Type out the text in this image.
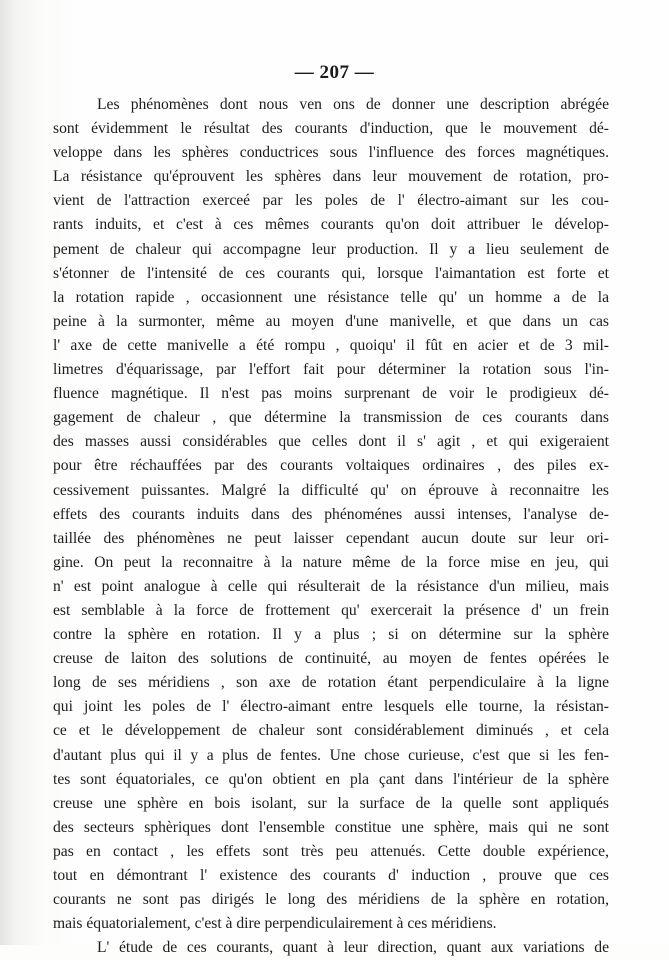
— 207 —
Les phénomènes dont nous ven ons de donner une description abrégée
sont évidemment le résultat des courants d'induction, que le mouvement dé-
veloppe dans les sphères conductrices sous l'influence des forces magnétiques.
La résistance qu'éprouvent les sphères dans leur mouvement de rotation, pro-
vient de l'attraction exerceé par les poles de l' électro-aimant sur les cou-
rants induits, et c'est à ces mêmes courants qu'on doit attribuer le dévelop-
pement de chaleur qui accompagne leur production. Il y a lieu seulement de
s'étonner de l'intensité de ces courants qui, lorsque l'aimantation est forte et
la rotation rapide , occasionnent une résistance telle qu' un homme a de la
peine à la surmonter, même au moyen d'une manivelle, et que dans un cas
l' axe de cette manivelle a été rompu , quoiqu' il fût en acier et de 3 mil-
limetres d'équarissage, par l'effort fait pour déterminer la rotation sous l'in-
fluence magnétique. Il n'est pas moins surprenant de voir le prodigieux dé-
gagement de chaleur , que détermine la transmission de ces courants dans
des masses aussi considérables que celles dont il s' agit , et qui exigeraient
pour être réchauffées par des courants voltaiques ordinaires , des piles ex-
cessivement puissantes. Malgré la difficulté qu' on éprouve à reconnaitre les
effets des courants induits dans des phénoménes aussi intenses, l'analyse de-
taillée des phénomènes ne peut laisser cependant aucun doute sur leur ori-
gine. On peut la reconnaitre à la nature même de la force mise en jeu, qui
n' est point analogue à celle qui résulterait de la résistance d'un milieu, mais
est semblable à la force de frottement qu' exercerait la présence d' un frein
contre la sphère en rotation. Il y a plus ; si on détermine sur la sphère
creuse de laiton des solutions de continuité, au moyen de fentes opérées le
long de ses méridiens , son axe de rotation étant perpendiculaire à la ligne
qui joint les poles de l' électro-aimant entre lesquels elle tourne, la résistan-
ce et le développement de chaleur sont considérablement diminués , et cela
d'autant plus qui il y a plus de fentes. Une chose curieuse, c'est que si les fen-
tes sont équatoriales, ce qu'on obtient en pla çant dans l'intérieur de la sphère
creuse une sphère en bois isolant, sur la surface de la quelle sont appliqués
des secteurs sphèriques dont l'ensemble constitue une sphère, mais qui ne sont
pas en contact , les effets sont très peu attenués. Cette double expérience,
tout en démontrant l' existence des courants d' induction , prouve que ces
courants ne sont pas dirigés le long des méridiens de la sphère en rotation,
mais équatorialement, c'est à dire perpendiculairement à ces méridiens.
L' étude de ces courants, quant à leur direction, quant aux variations de
